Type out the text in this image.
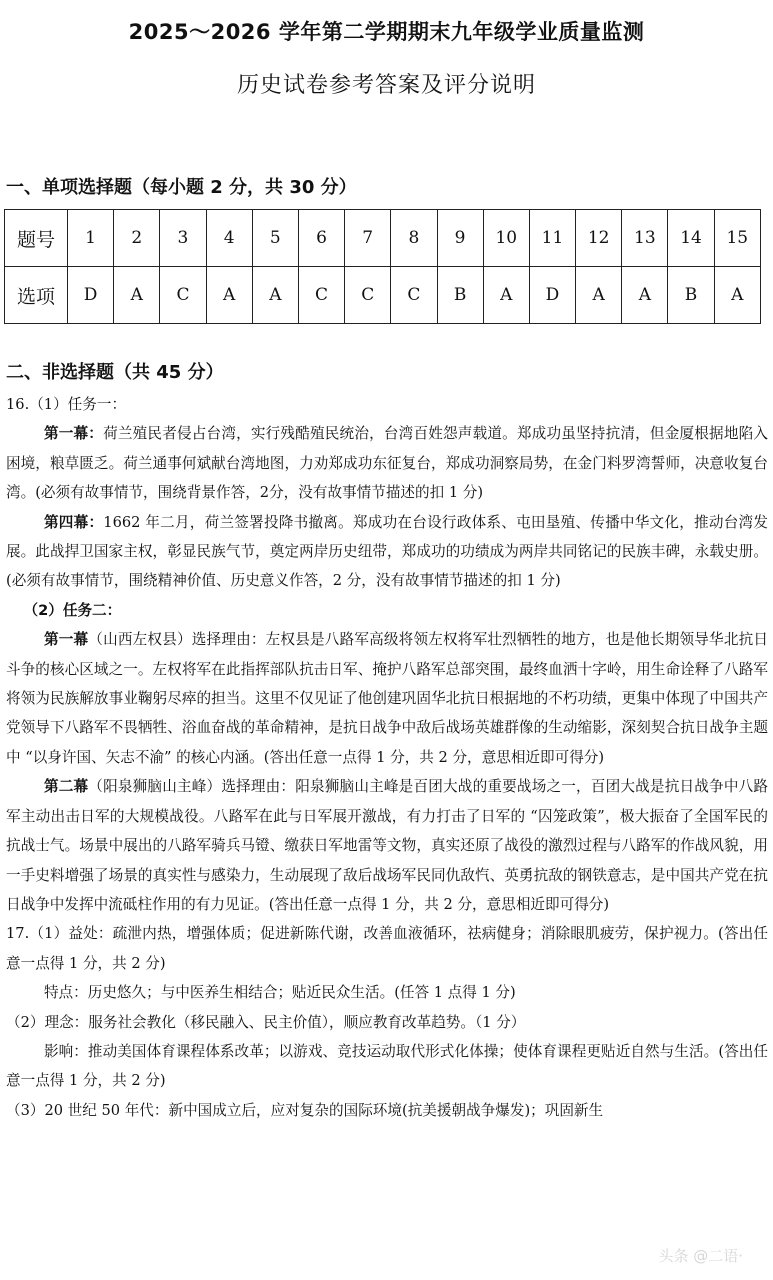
2025～2026 学年第二学期期末九年级学业质量监测
历史试卷参考答案及评分说明
一、单项选择题（每小题 2 分，共 30 分）
题号	1	2	3	4	5	6	7	8	9	10	11	12	13	14	15
选项	D	A	C	A	A	C	C	C	B	A	D	A	A	B	A
二、非选择题（共 45 分）

16.（1）任务一：

第一幕：荷兰殖民者侵占台湾，实行残酷殖民统治，台湾百姓怨声载道。郑成功虽坚持抗清，但金厦根据地陷入困境，粮草匮乏。荷兰通事何斌献台湾地图，力劝郑成功东征复台，郑成功洞察局势，在金门料罗湾誓师，决意收复台湾。(必须有故事情节，围绕背景作答，2分，没有故事情节描述的扣 1 分)

第四幕：1662 年二月，荷兰签署投降书撤离。郑成功在台设行政体系、屯田垦殖、传播中华文化，推动台湾发展。此战捍卫国家主权，彰显民族气节，奠定两岸历史纽带，郑成功的功绩成为两岸共同铭记的民族丰碑，永载史册。(必须有故事情节，围绕精神价值、历史意义作答，2 分，没有故事情节描述的扣 1 分)

（2）任务二：

第一幕（山西左权县）选择理由：左权县是八路军高级将领左权将军壮烈牺牲的地方，也是他长期领导华北抗日斗争的核心区域之一。左权将军在此指挥部队抗击日军、掩护八路军总部突围，最终血洒十字岭，用生命诠释了八路军将领为民族解放事业鞠躬尽瘁的担当。这里不仅见证了他创建巩固华北抗日根据地的不朽功绩，更集中体现了中国共产党领导下八路军不畏牺牲、浴血奋战的革命精神，是抗日战争中敌后战场英雄群像的生动缩影，深刻契合抗日战争主题中 “以身许国、矢志不渝” 的核心内涵。(答出任意一点得 1 分，共 2 分，意思相近即可得分)

第二幕（阳泉狮脑山主峰）选择理由：阳泉狮脑山主峰是百团大战的重要战场之一，百团大战是抗日战争中八路军主动出击日军的大规模战役。八路军在此与日军展开激战，有力打击了日军的 “囚笼政策”，极大振奋了全国军民的抗战士气。场景中展出的八路军骑兵马镫、缴获日军地雷等文物，真实还原了战役的激烈过程与八路军的作战风貌，用一手史料增强了场景的真实性与感染力，生动展现了敌后战场军民同仇敌忾、英勇抗敌的钢铁意志，是中国共产党在抗日战争中发挥中流砥柱作用的有力见证。(答出任意一点得 1 分，共 2 分，意思相近即可得分)

17.（1）益处：疏泄内热，增强体质；促进新陈代谢，改善血液循环，祛病健身；消除眼肌疲劳，保护视力。(答出任意一点得 1 分，共 2 分)

特点：历史悠久；与中医养生相结合；贴近民众生活。(任答 1 点得 1 分)

（2）理念：服务社会教化（移民融入、民主价值），顺应教育改革趋势。（1 分）

影响：推动美国体育课程体系改革；以游戏、竞技运动取代形式化体操；使体育课程更贴近自然与生活。(答出任意一点得 1 分，共 2 分)

（3）20 世纪 50 年代：新中国成立后，应对复杂的国际环境(抗美援朝战争爆发)；巩固新生

头条 @二语·
